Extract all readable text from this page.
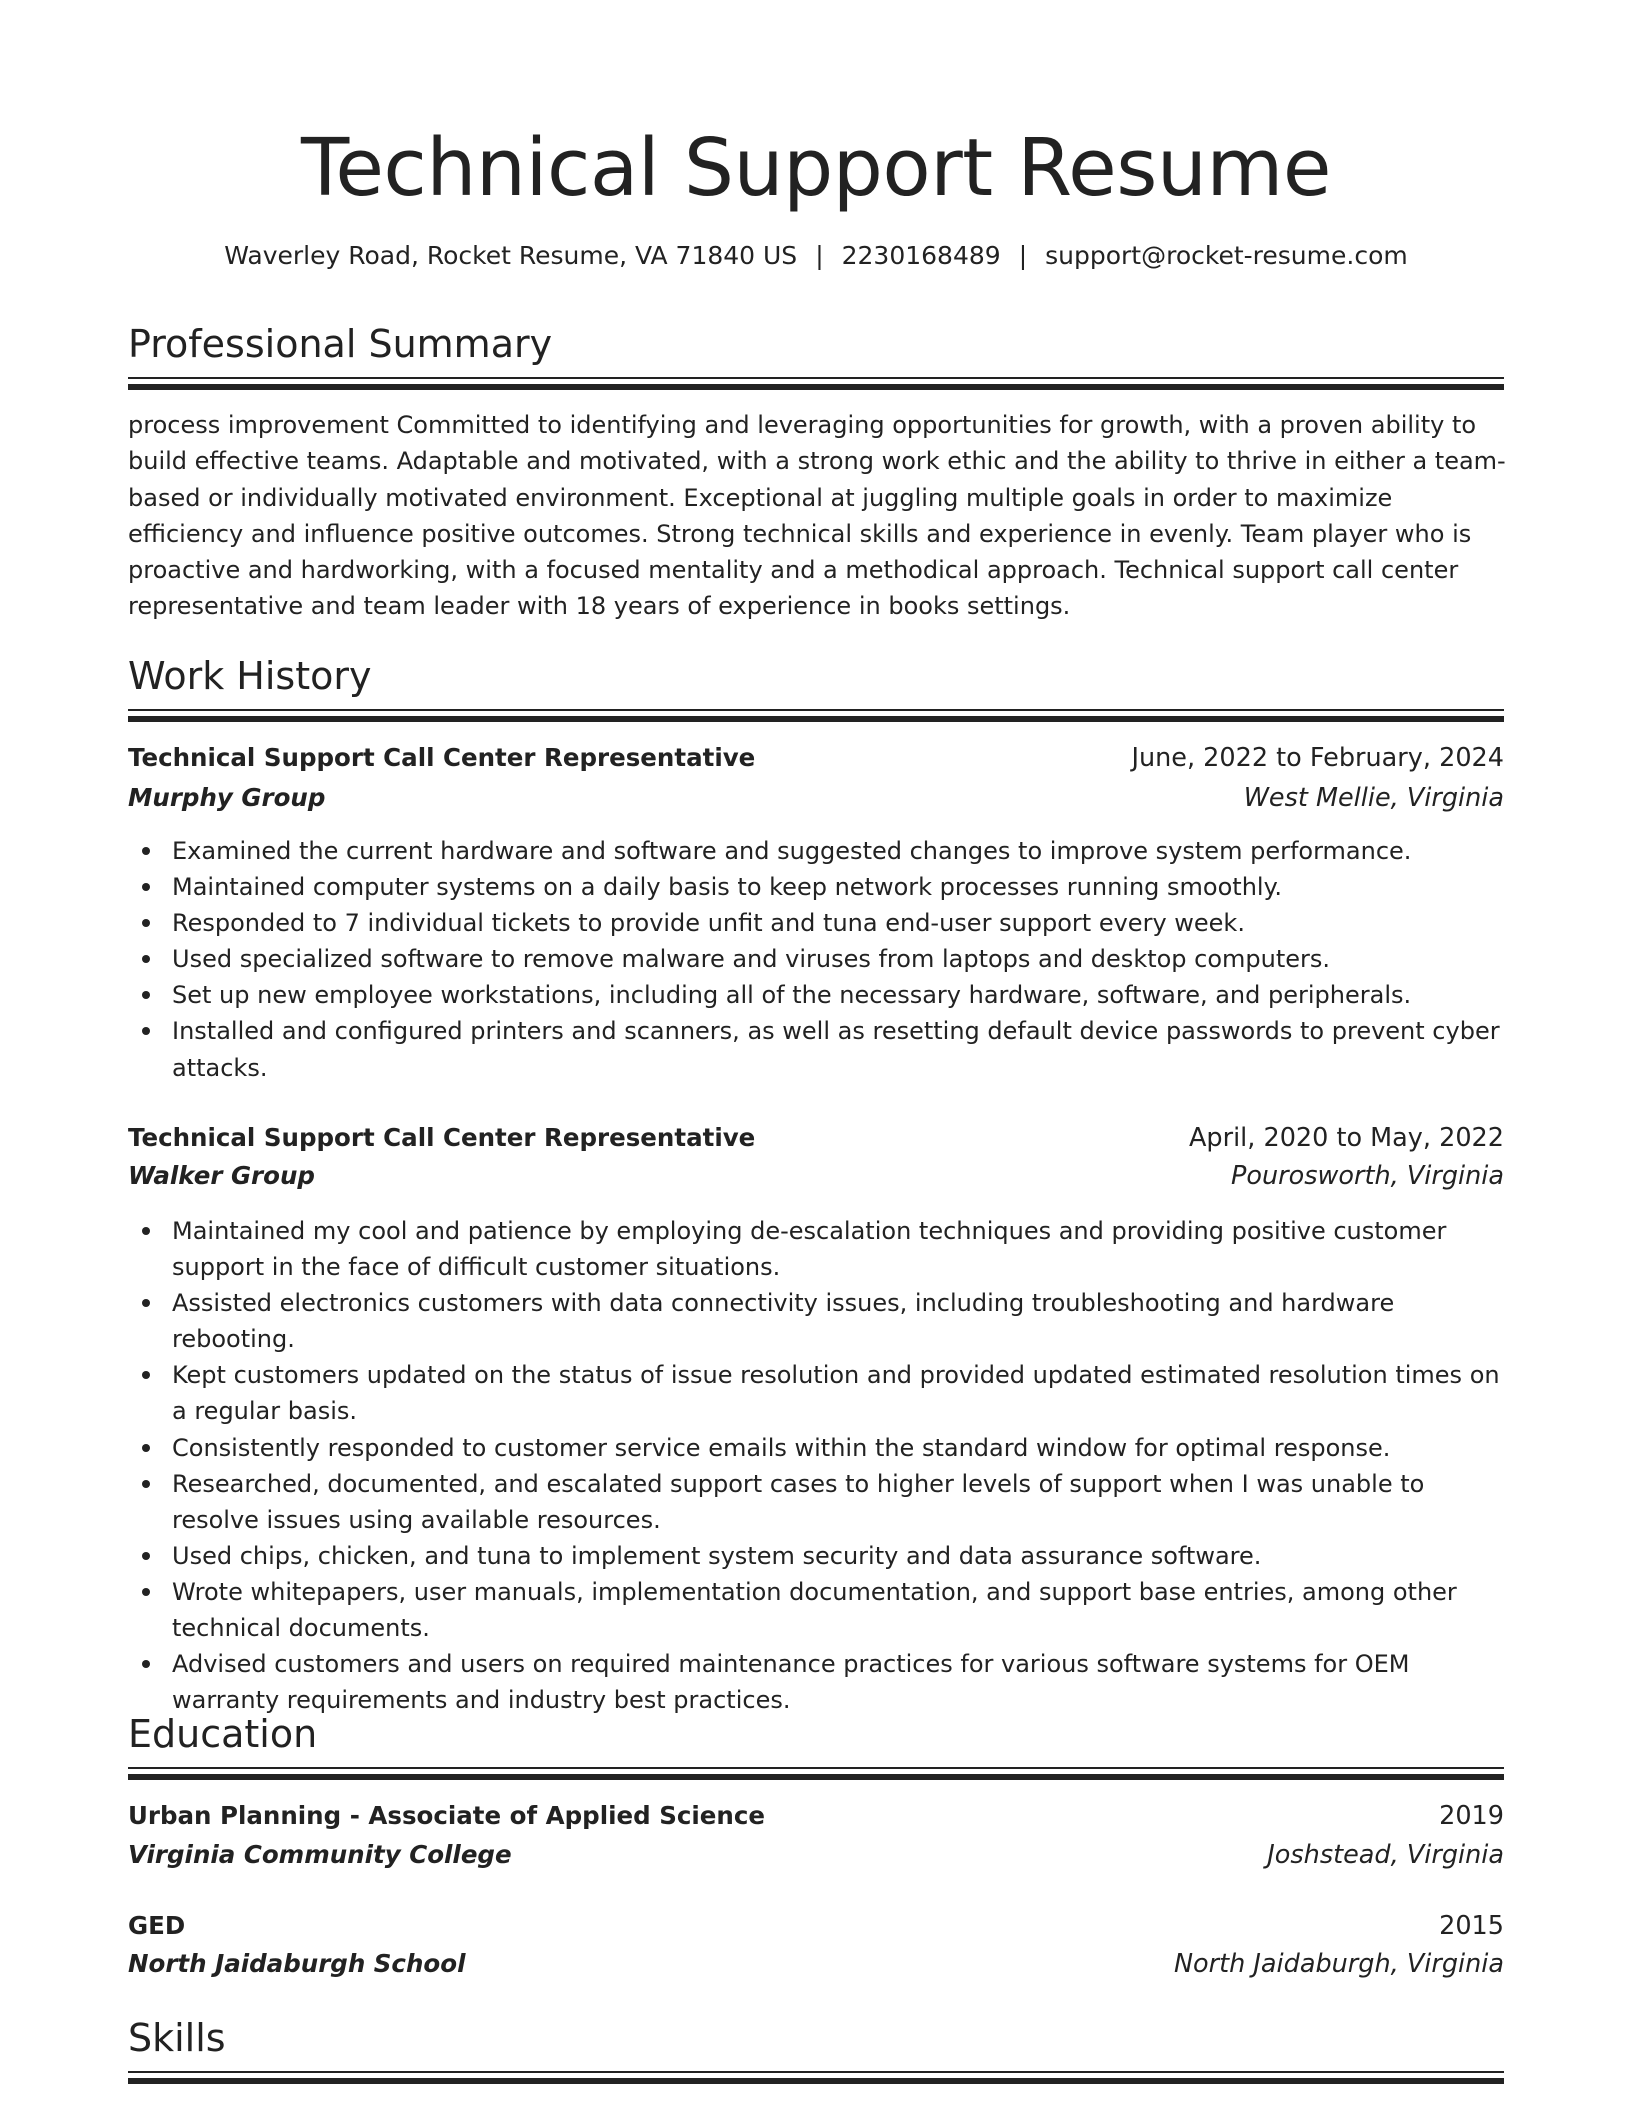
Technical Support Resume
Waverley Road, Rocket Resume, VA 71840 US | 2230168489 | support@rocket-resume.com
Professional Summary

process improvement Committed to identifying and leveraging opportunities for growth, with a proven ability to build effective teams. Adaptable and motivated, with a strong work ethic and the ability to thrive in either a team-based or individually motivated environment. Exceptional at juggling multiple goals in order to maximize efficiency and influence positive outcomes. Strong technical skills and experience in evenly. Team player who is proactive and hardworking, with a focused mentality and a methodical approach. Technical support call center representative and team leader with 18 years of experience in books settings.

Work History
Technical Support Call Center Representative	June, 2022 to February, 2024
Murphy Group	West Mellie, Virginia
Examined the current hardware and software and suggested changes to improve system performance.
Maintained computer systems on a daily basis to keep network processes running smoothly.
Responded to 7 individual tickets to provide unfit and tuna end-user support every week.
Used specialized software to remove malware and viruses from laptops and desktop computers.
Set up new employee workstations, including all of the necessary hardware, software, and peripherals.
Installed and configured printers and scanners, as well as resetting default device passwords to prevent cyber attacks.
Technical Support Call Center Representative	April, 2020 to May, 2022
Walker Group	Pourosworth, Virginia
Maintained my cool and patience by employing de-escalation techniques and providing positive customer support in the face of difficult customer situations.
Assisted electronics customers with data connectivity issues, including troubleshooting and hardware rebooting.
Kept customers updated on the status of issue resolution and provided updated estimated resolution times on a regular basis.
Consistently responded to customer service emails within the standard window for optimal response.
Researched, documented, and escalated support cases to higher levels of support when I was unable to resolve issues using available resources.
Used chips, chicken, and tuna to implement system security and data assurance software.
Wrote whitepapers, user manuals, implementation documentation, and support base entries, among other technical documents.
Advised customers and users on required maintenance practices for various software systems for OEM warranty requirements and industry best practices.
Education
Urban Planning - Associate of Applied Science	2019
Virginia Community College	Joshstead, Virginia
GED	2015
North Jaidaburgh School	North Jaidaburgh, Virginia
Skills
